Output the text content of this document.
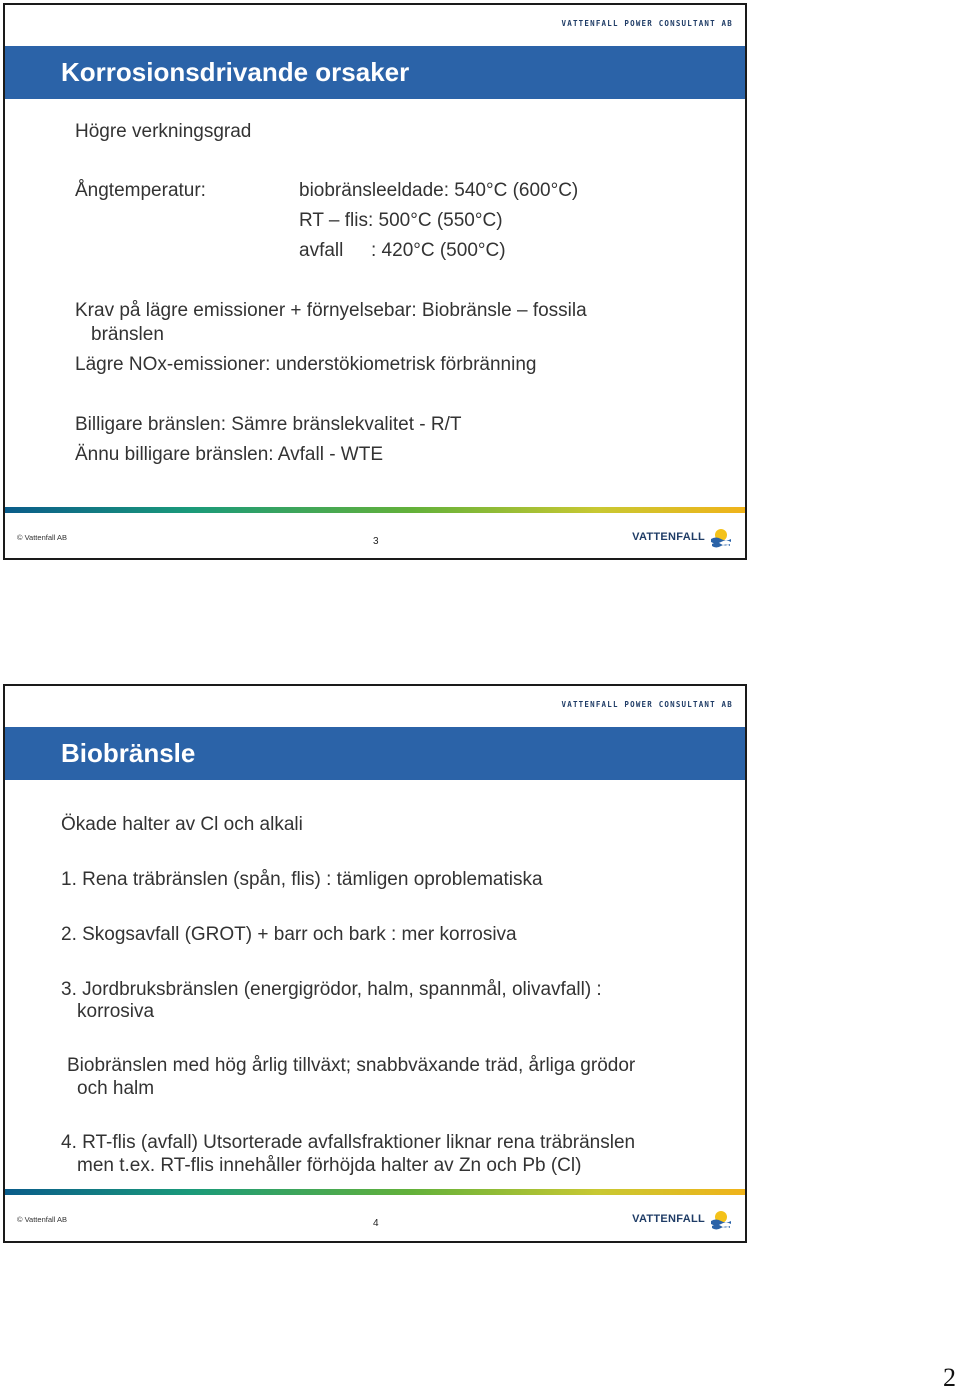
VATTENFALL POWER CONSULTANT AB
Korrosionsdrivande orsaker
Högre verkningsgrad
Ångtemperatur:	biobränsleeldade: 540°C (600°C)
RT – flis: 500°C (550°C)
avfall : 420°C (500°C)
Krav på lägre emissioner + förnyelsebar: Biobränsle – fossila
bränslen
Lägre NOx-emissioner: understökiometrisk förbränning
Billigare bränslen: Sämre bränslekvalitet - R/T
Ännu billigare bränslen: Avfall - WTE
© Vattenfall AB	3	VATTENFALL
VATTENFALL POWER CONSULTANT AB
Biobränsle
Ökade halter av Cl och alkali
1. Rena träbränslen (spån, flis) : tämligen oproblematiska
2. Skogsavfall (GROT) + barr och bark : mer korrosiva
3. Jordbruksbränslen (energigrödor, halm, spannmål, olivavfall) :
korrosiva
Biobränslen med hög årlig tillväxt; snabbväxande träd, årliga grödor
och halm
4. RT-flis (avfall) Utsorterade avfallsfraktioner liknar rena träbränslen
men t.ex. RT-flis innehåller förhöjda halter av Zn och Pb (Cl)
© Vattenfall AB	4	VATTENFALL
2
